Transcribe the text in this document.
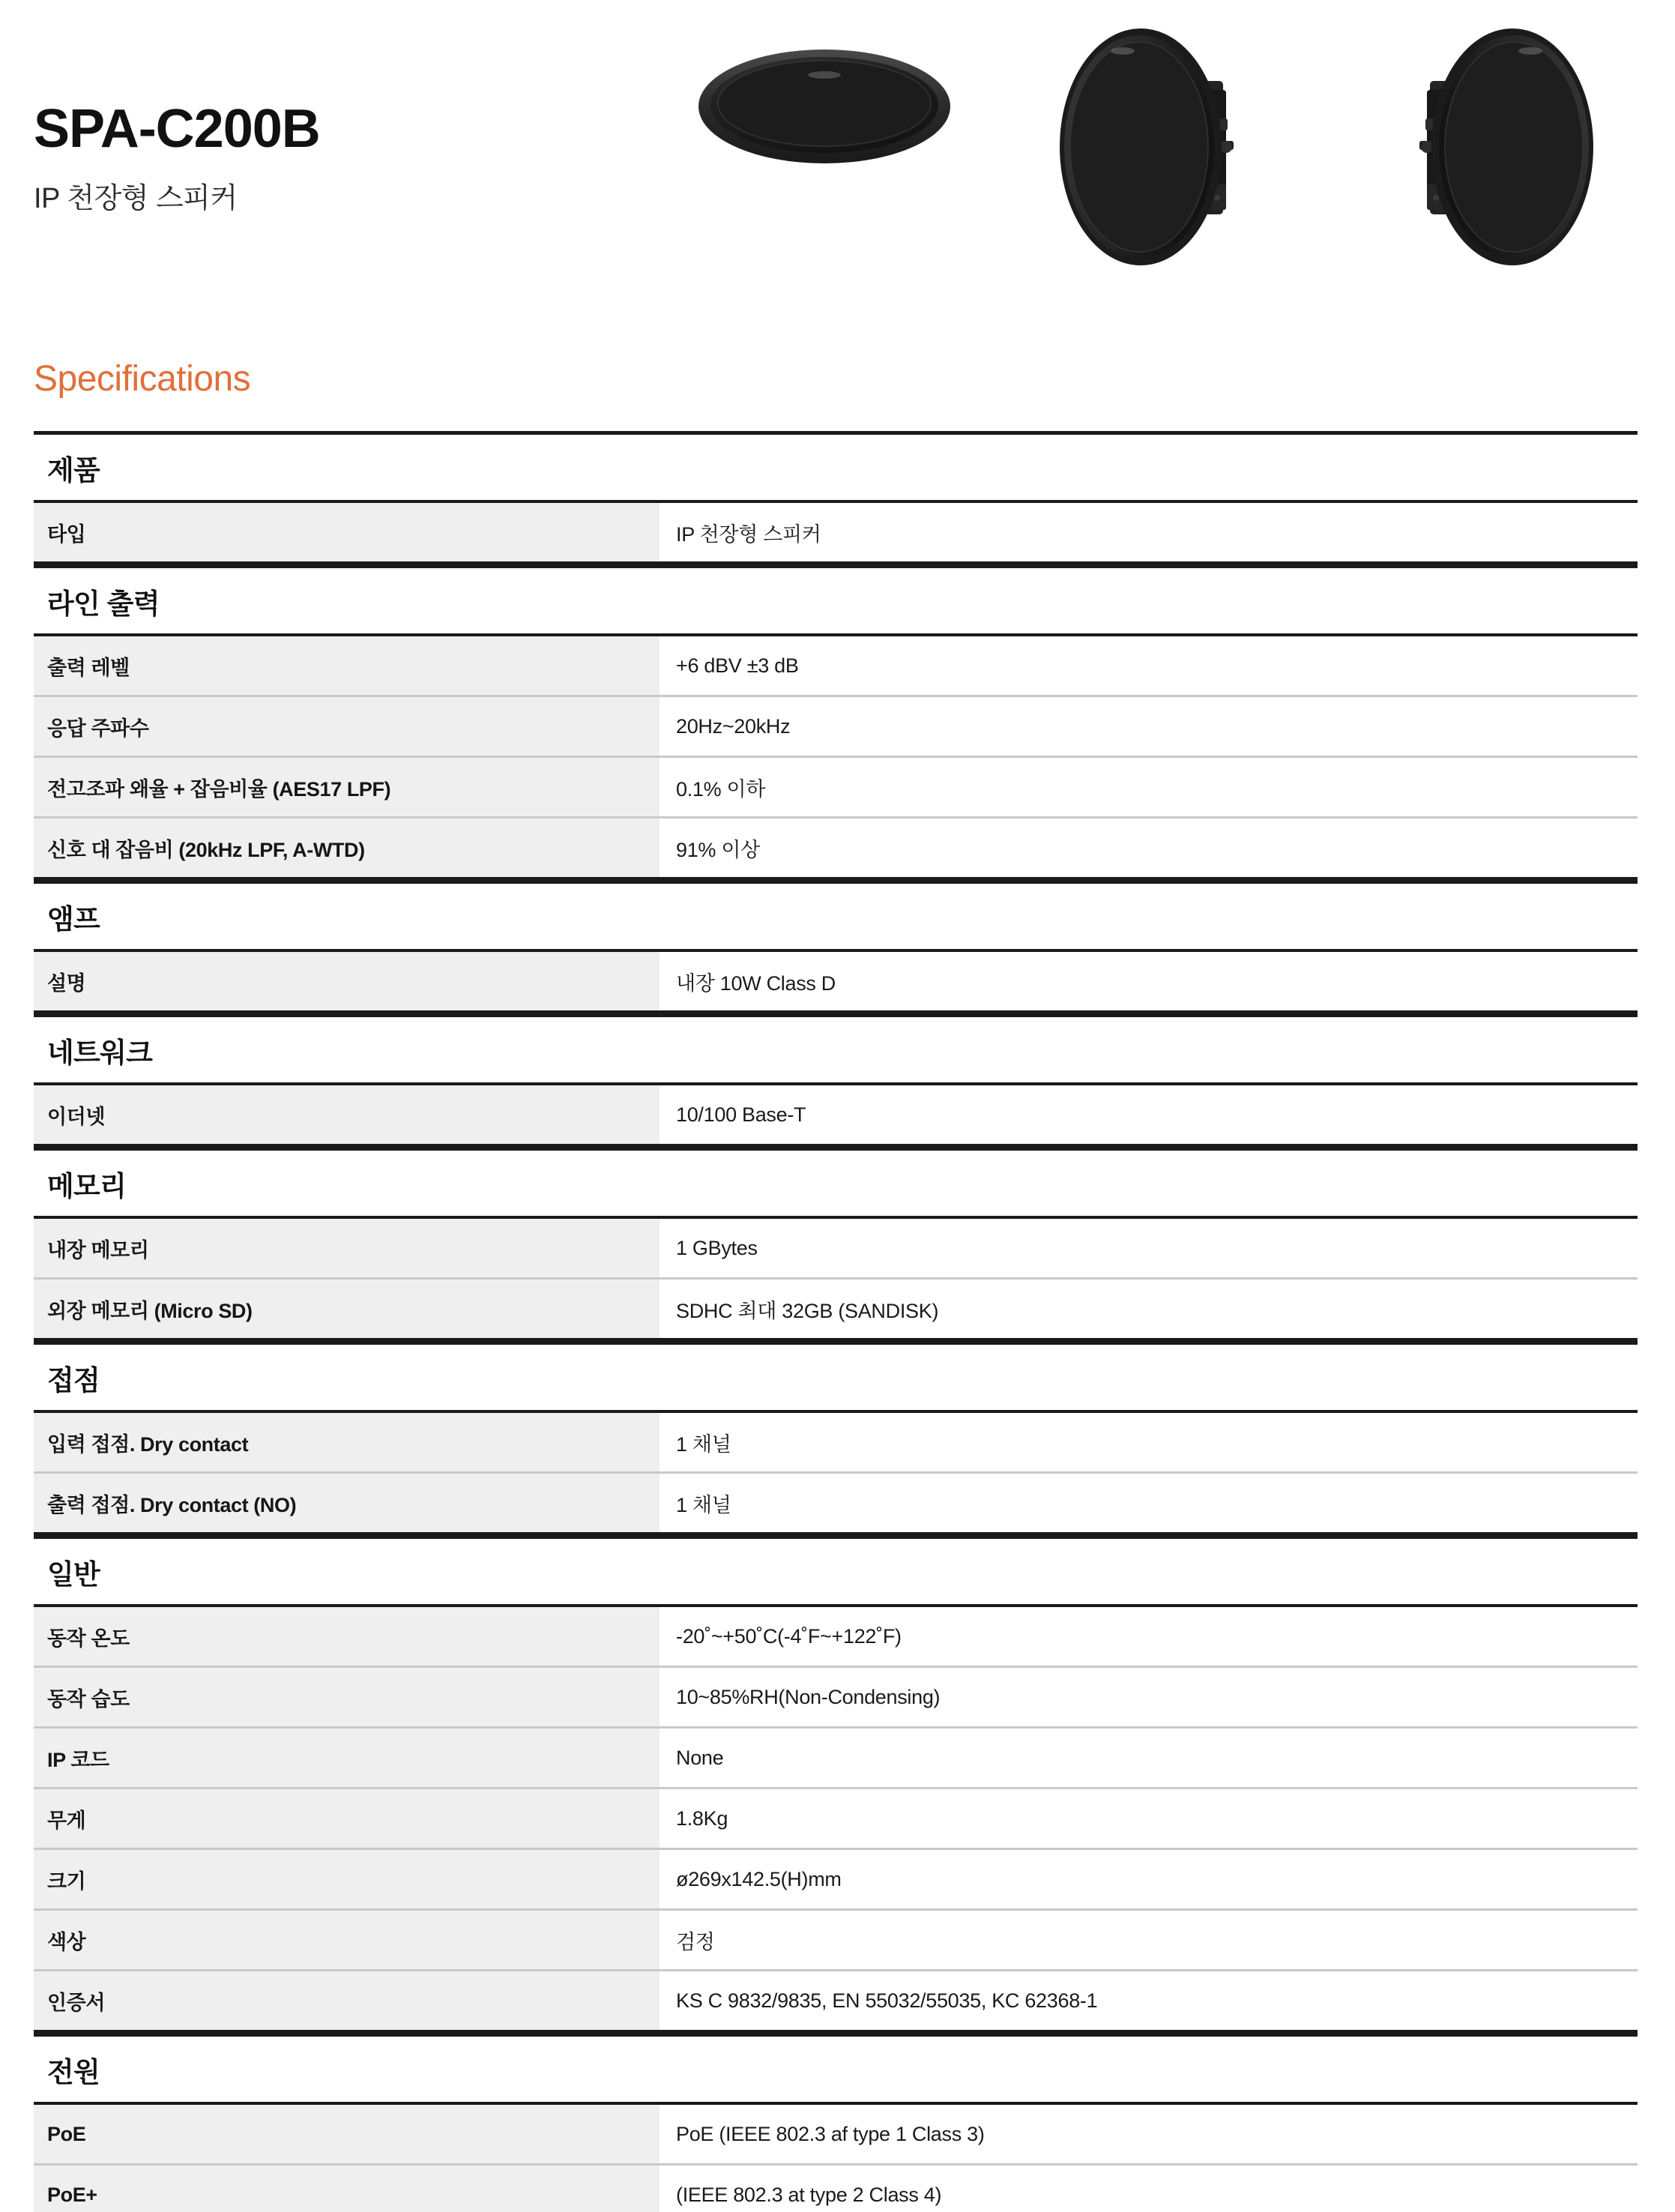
SPA-C200B
IP 천장형 스피커
Specifications
제품
타입	IP 천장형 스피커
라인 출력
출력 레벨	+6 dBV ±3 dB
응답 주파수	20Hz~20kHz
전고조파 왜율 + 잡음비율 (AES17 LPF)	0.1% 이하
신호 대 잡음비 (20kHz LPF, A-WTD)	91% 이상
앰프
설명	내장 10W Class D
네트워크
이더넷	10/100 Base-T
메모리
내장 메모리	1 GBytes
외장 메모리 (Micro SD)	SDHC 최대 32GB (SANDISK)
접점
입력 접점. Dry contact	1 채널
출력 접점. Dry contact (NO)	1 채널
일반
동작 온도	-20˚~+50˚C(-4˚F~+122˚F)
동작 습도	10~85%RH(Non-Condensing)
IP 코드	None
무게	1.8Kg
크기	ø269x142.5(H)mm
색상	검정
인증서	KS C 9832/9835, EN 55032/55035, KC 62368-1
전원
PoE	PoE (IEEE 802.3 af type 1 Class 3)
PoE+	(IEEE 802.3 at type 2 Class 4)
